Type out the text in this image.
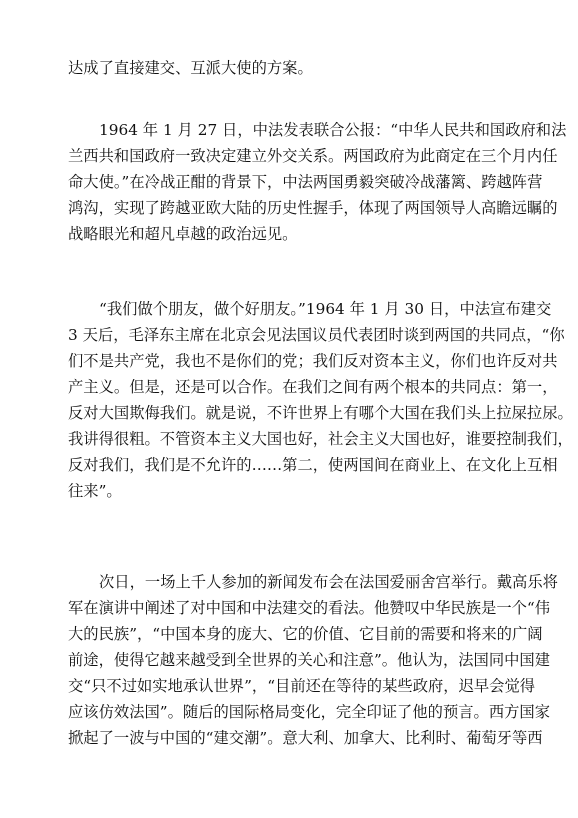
达成了直接建交、互派大使的方案。

1964 年 1 月 27 日，中法发表联合公报：“中华人民共和国政府和法
兰西共和国政府一致决定建立外交关系。两国政府为此商定在三个月内任
命大使。”在冷战正酣的背景下，中法两国勇毅突破冷战藩篱、跨越阵营
鸿沟，实现了跨越亚欧大陆的历史性握手，体现了两国领导人高瞻远瞩的
战略眼光和超凡卓越的政治远见。

“我们做个朋友，做个好朋友。”1964 年 1 月 30 日，中法宣布建交
3 天后，毛泽东主席在北京会见法国议员代表团时谈到两国的共同点，“你
们不是共产党，我也不是你们的党；我们反对资本主义，你们也许反对共
产主义。但是，还是可以合作。在我们之间有两个根本的共同点：第一，
反对大国欺侮我们。就是说，不许世界上有哪个大国在我们头上拉屎拉尿。
我讲得很粗。不管资本主义大国也好，社会主义大国也好，谁要控制我们，
反对我们，我们是不允许的……第二，使两国间在商业上、在文化上互相
往来”。

次日，一场上千人参加的新闻发布会在法国爱丽舍宫举行。戴高乐将
军在演讲中阐述了对中国和中法建交的看法。他赞叹中华民族是一个“伟
大的民族”，“中国本身的庞大、它的价值、它目前的需要和将来的广阔
前途，使得它越来越受到全世界的关心和注意”。他认为，法国同中国建
交“只不过如实地承认世界”，“目前还在等待的某些政府，迟早会觉得
应该仿效法国”。随后的国际格局变化，完全印证了他的预言。西方国家
掀起了一波与中国的“建交潮”。意大利、加拿大、比利时、葡萄牙等西
